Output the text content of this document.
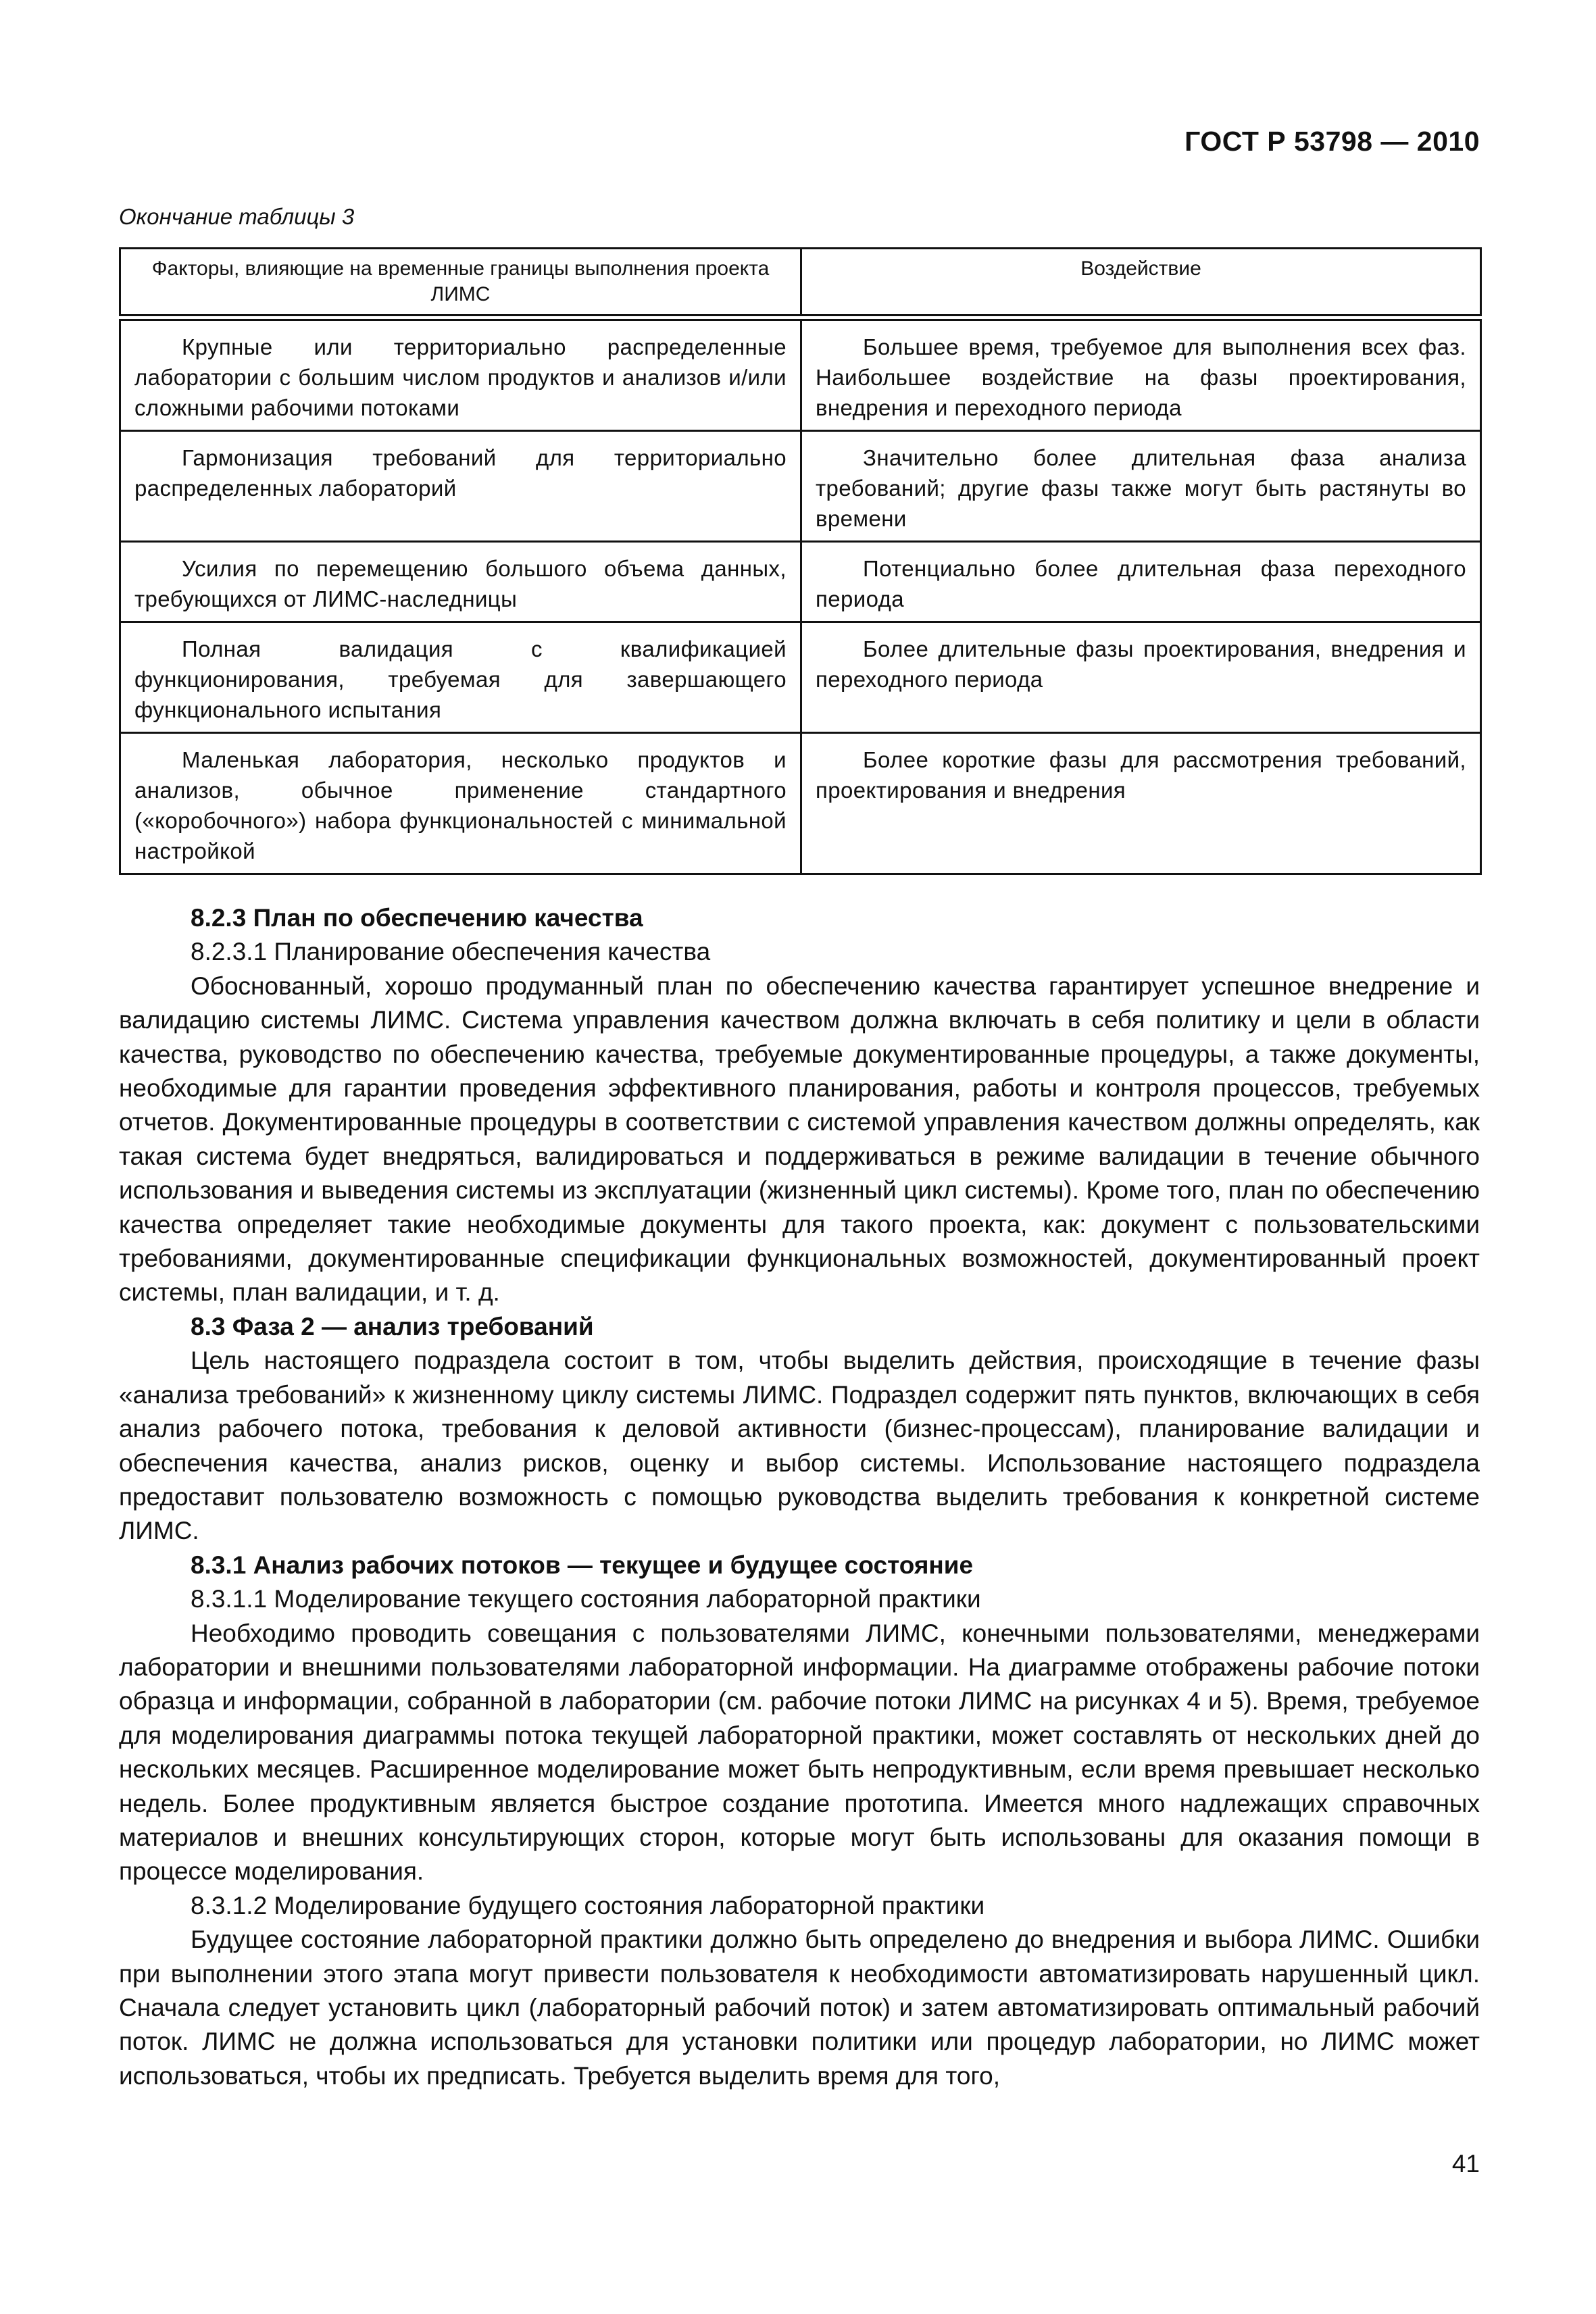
ГОСТ Р 53798 — 2010
Окончание таблицы 3
Факторы, влияющие на временные границы выполнения проекта ЛИМС	Воздействие
Крупные или территориально распределенные лаборатории с большим числом продуктов и анализов и/или сложными рабочими потоками	Большее время, требуемое для выполнения всех фаз. Наибольшее воздействие на фазы проектирования, внедрения и переходного периода
Гармонизация требований для территориально распределенных лабораторий	Значительно более длительная фаза анализа требований; другие фазы также могут быть растянуты во времени
Усилия по перемещению большого объема данных, требующихся от ЛИМС-наследницы	Потенциально более длительная фаза переходного периода
Полная валидация с квалификацией функционирования, требуемая для завершающего функционального испытания	Более длительные фазы проектирования, внедрения и переходного периода
Маленькая лаборатория, несколько продуктов и анализов, обычное применение стандартного («коробочного») набора функциональностей с минимальной настройкой	Более короткие фазы для рассмотрения требований, проектирования и внедрения

8.2.3 План по обеспечению качества

8.2.3.1 Планирование обеспечения качества

Обоснованный, хорошо продуманный план по обеспечению качества гарантирует успешное внедрение и валидацию системы ЛИМС. Система управления качеством должна включать в себя политику и цели в области качества, руководство по обеспечению качества, требуемые документированные процедуры, а также документы, необходимые для гарантии проведения эффективного планирования, работы и контроля процессов, требуемых отчетов. Документированные процедуры в соответствии с системой управления качеством должны определять, как такая система будет внедряться, валидироваться и поддерживаться в режиме валидации в течение обычного использования и выведения системы из эксплуатации (жизненный цикл системы). Кроме того, план по обеспечению качества определяет такие необходимые документы для такого проекта, как: документ с пользовательскими требованиями, документированные спецификации функциональных возможностей, документированный проект системы, план валидации, и т. д.

8.3 Фаза 2 — анализ требований

Цель настоящего подраздела состоит в том, чтобы выделить действия, происходящие в течение фазы «анализа требований» к жизненному циклу системы ЛИМС. Подраздел содержит пять пунктов, включающих в себя анализ рабочего потока, требования к деловой активности (бизнес-процессам), планирование валидации и обеспечения качества, анализ рисков, оценку и выбор системы. Использование настоящего подраздела предоставит пользователю возможность с помощью руководства выделить требования к конкретной системе ЛИМС.

8.3.1 Анализ рабочих потоков — текущее и будущее состояние

8.3.1.1 Моделирование текущего состояния лабораторной практики

Необходимо проводить совещания с пользователями ЛИМС, конечными пользователями, менеджерами лаборатории и внешними пользователями лабораторной информации. На диаграмме отображены рабочие потоки образца и информации, собранной в лаборатории (см. рабочие потоки ЛИМС на рисунках 4 и 5). Время, требуемое для моделирования диаграммы потока текущей лабораторной практики, может составлять от нескольких дней до нескольких месяцев. Расширенное моделирование может быть непродуктивным, если время превышает несколько недель. Более продуктивным является быстрое создание прототипа. Имеется много надлежащих справочных материалов и внешних консультирующих сторон, которые могут быть использованы для оказания помощи в процессе моделирования.

8.3.1.2 Моделирование будущего состояния лабораторной практики

Будущее состояние лабораторной практики должно быть определено до внедрения и выбора ЛИМС. Ошибки при выполнении этого этапа могут привести пользователя к необходимости автоматизировать нарушенный цикл. Сначала следует установить цикл (лабораторный рабочий поток) и затем автоматизировать оптимальный рабочий поток. ЛИМС не должна использоваться для установки политики или процедур лаборатории, но ЛИМС может использоваться, чтобы их предписать. Требуется выделить время для того,

41
